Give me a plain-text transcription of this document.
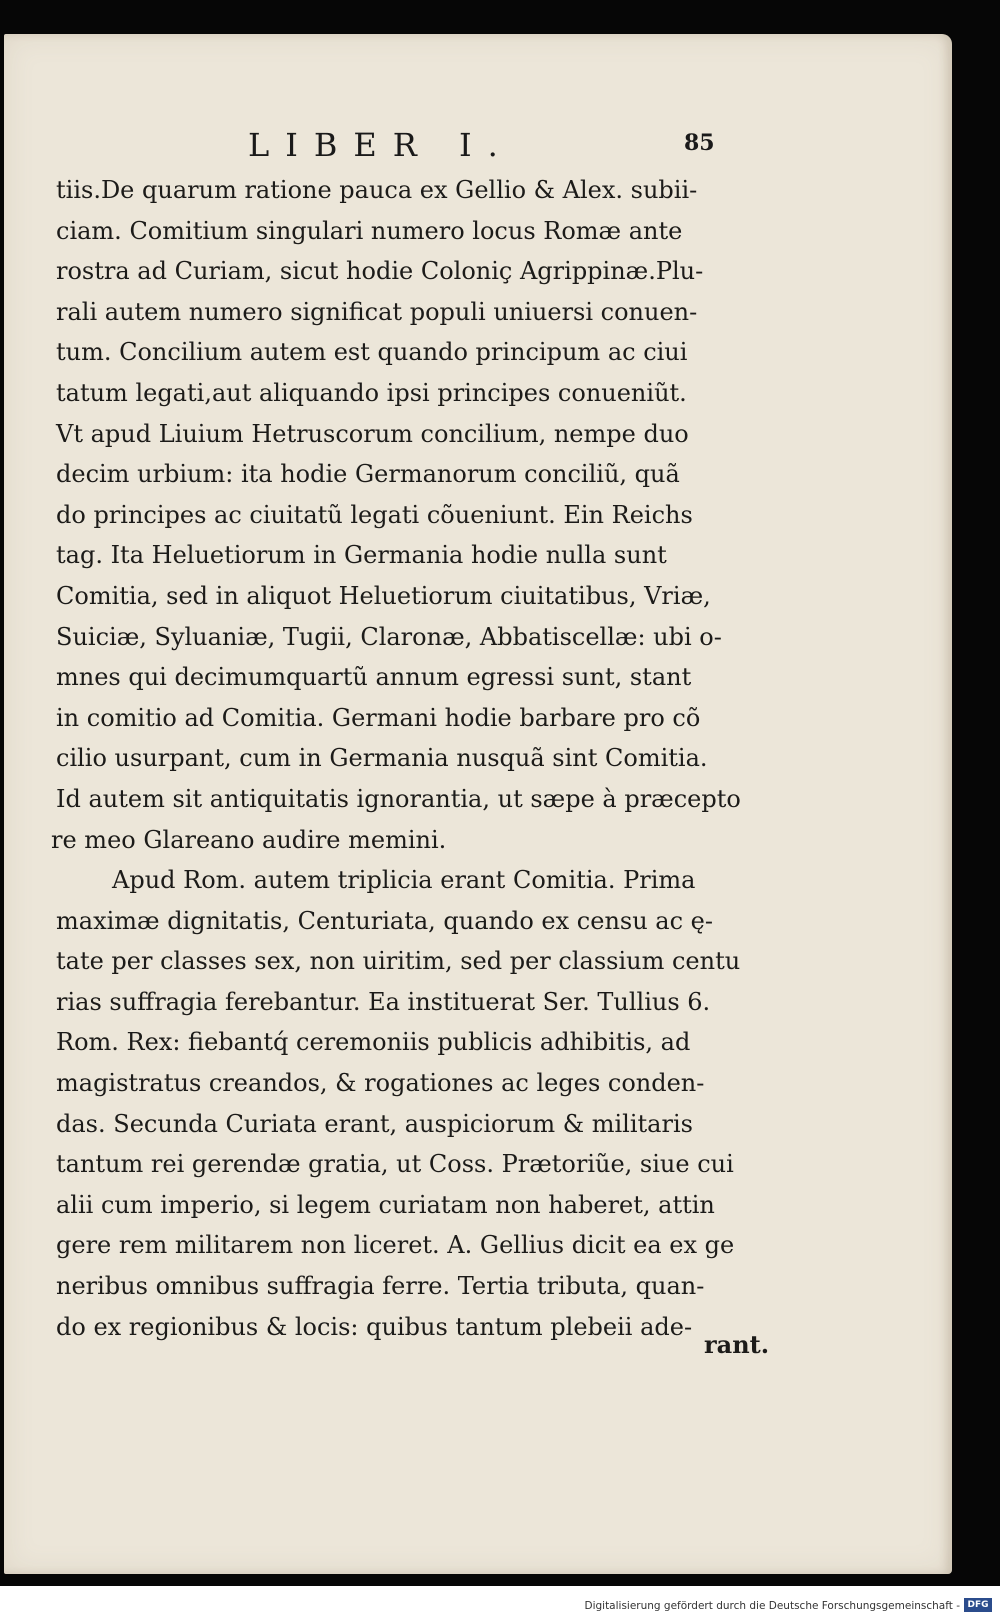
LIBER I.	85
tiis.De quarum ratione pauca ex Gellio & Alex. subii-
ciam. Comitium singulari numero locus Romæ ante
rostra ad Curiam, sicut hodie Coloniç Agrippinæ.Plu-
rali autem numero significat populi uniuersi conuen-
tum. Concilium autem est quando principum ac ciui
tatum legati,aut aliquando ipsi principes conueniũt.
Vt apud Liuium Hetruscorum concilium, nempe duo
decim urbium: ita hodie Germanorum conciliũ, quã
do principes ac ciuitatũ legati cõueniunt. Ein Reichs
tag. Ita Heluetiorum in Germania hodie nulla sunt
Comitia, sed in aliquot Heluetiorum ciuitatibus, Vriæ,
Suiciæ, Syluaniæ, Tugii, Claronæ, Abbatiscellæ: ubi o-
mnes qui decimumquartũ annum egressi sunt, stant
in comitio ad Comitia. Germani hodie barbare pro cõ
cilio usurpant, cum in Germania nusquã sint Comitia.
Id autem sit antiquitatis ignorantia, ut sæpe à præcepto
re meo Glareano audire memini.
Apud Rom. autem triplicia erant Comitia. Prima
maximæ dignitatis, Centuriata, quando ex censu ac ę-
tate per classes sex, non uiritim, sed per classium centu
rias suffragia ferebantur. Ea instituerat Ser. Tullius 6.
Rom. Rex: fiebantq́ ceremoniis publicis adhibitis, ad
magistratus creandos, & rogationes ac leges conden-
das. Secunda Curiata erant, auspiciorum & militaris
tantum rei gerendæ gratia, ut Coss. Prætoriũe, siue cui
alii cum imperio, si legem curiatam non haberet, attin
gere rem militarem non liceret. A. Gellius dicit ea ex ge
neribus omnibus suffragia ferre. Tertia tributa, quan-
do ex regionibus & locis: quibus tantum plebeii ade-
rant.
Digitalisierung gefördert durch die Deutsche Forschungsgemeinschaft - DFG
